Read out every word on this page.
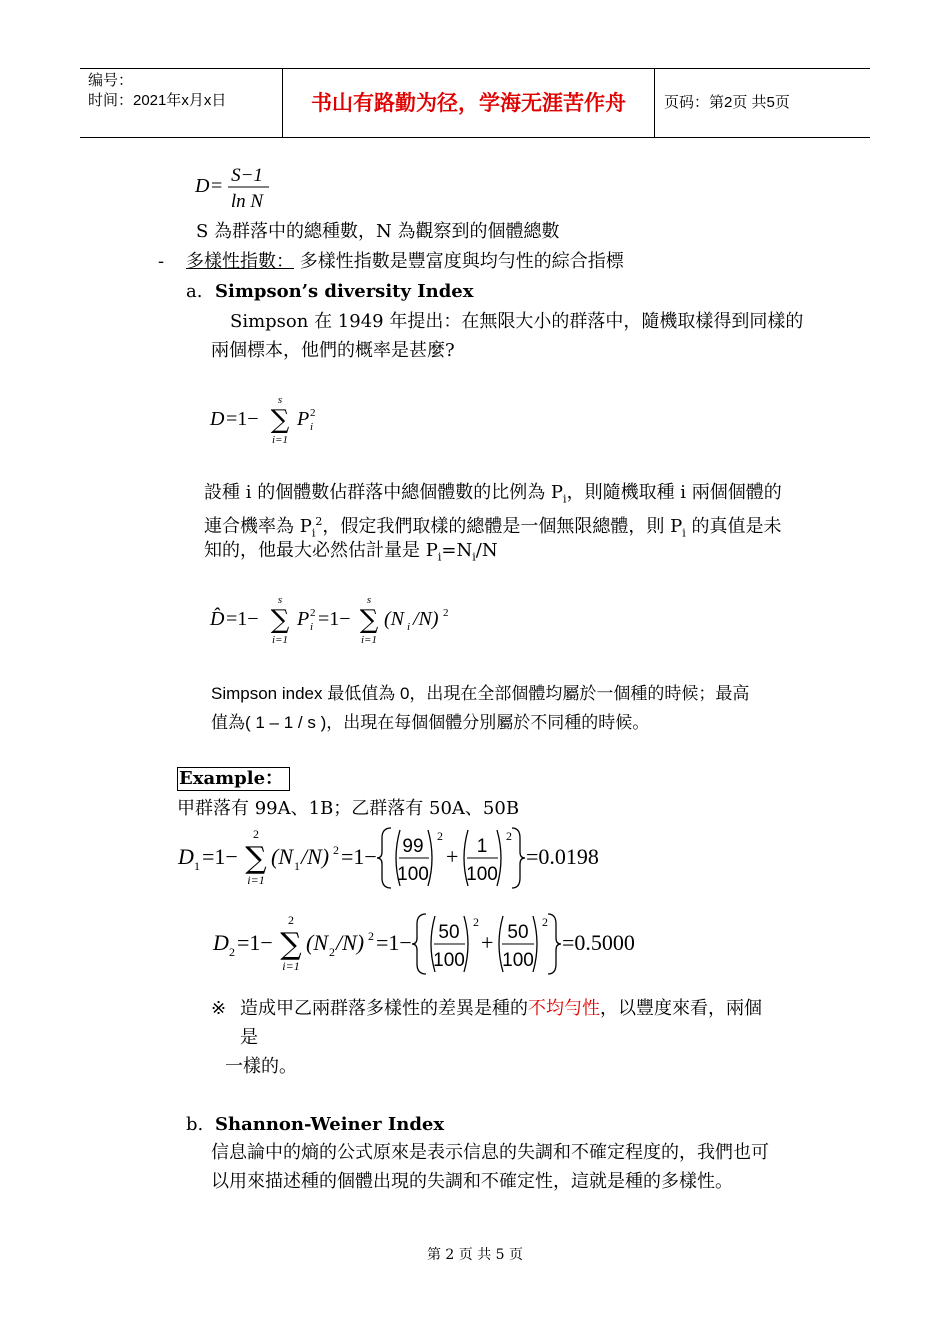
编号：
时间：2021年x月x日	书山有路勤为径，学海无涯苦作舟	页码：第2页 共5页
D = S−1
ln N
S 為群落中的總種數，N 為觀察到的個體總數
- 多樣性指數： 多樣性指數是豐富度與均勻性的綜合指標
a. Simpson’s diversity Index
Simpson 在 1949 年提出：在無限大小的群落中，隨機取樣得到同樣的
兩個標本，他們的概率是甚麼?
D =1−
s
∑
i=1
P 2
i
設種 i 的個體數佔群落中總個體數的比例為 $P_i$，則隨機取種 i 兩個個體的
連合機率為 $P_i^2$，假定我們取樣的總體是一個無限總體，則 $P_i$ 的真值是未
知的，他最大必然估計量是 $P_i=N_i/N$
D̂ =1−
s
∑
i=1
P 2
i =1−
s
∑
i=1
(N i /N) 2
Simpson index 最低值為 0，出現在全部個體均屬於一個種的時候；最高
值為( 1 – 1 / s )，出現在每個個體分別屬於不同種的時候。
Example：
甲群落有 99A、1B；乙群落有 50A、50B
D 1 =1−
2
∑
i=1
(N 1 /N) 2 =1− 99
100
2
+ 1
100
2
=0.0198
D 2 =1−
2
∑
i=1
(N 2 /N) 2 =1− 50
100
2
+ 50
100
2
=0.5000
※ 造成甲乙兩群落多樣性的差異是種的不均勻性，以豐度來看，兩個
是
一樣的。
b. Shannon-Weiner Index
信息論中的熵的公式原來是表示信息的失調和不確定程度的，我們也可
以用來描述種的個體出現的失調和不確定性，這就是種的多樣性。
第 2 页 共 5 页
